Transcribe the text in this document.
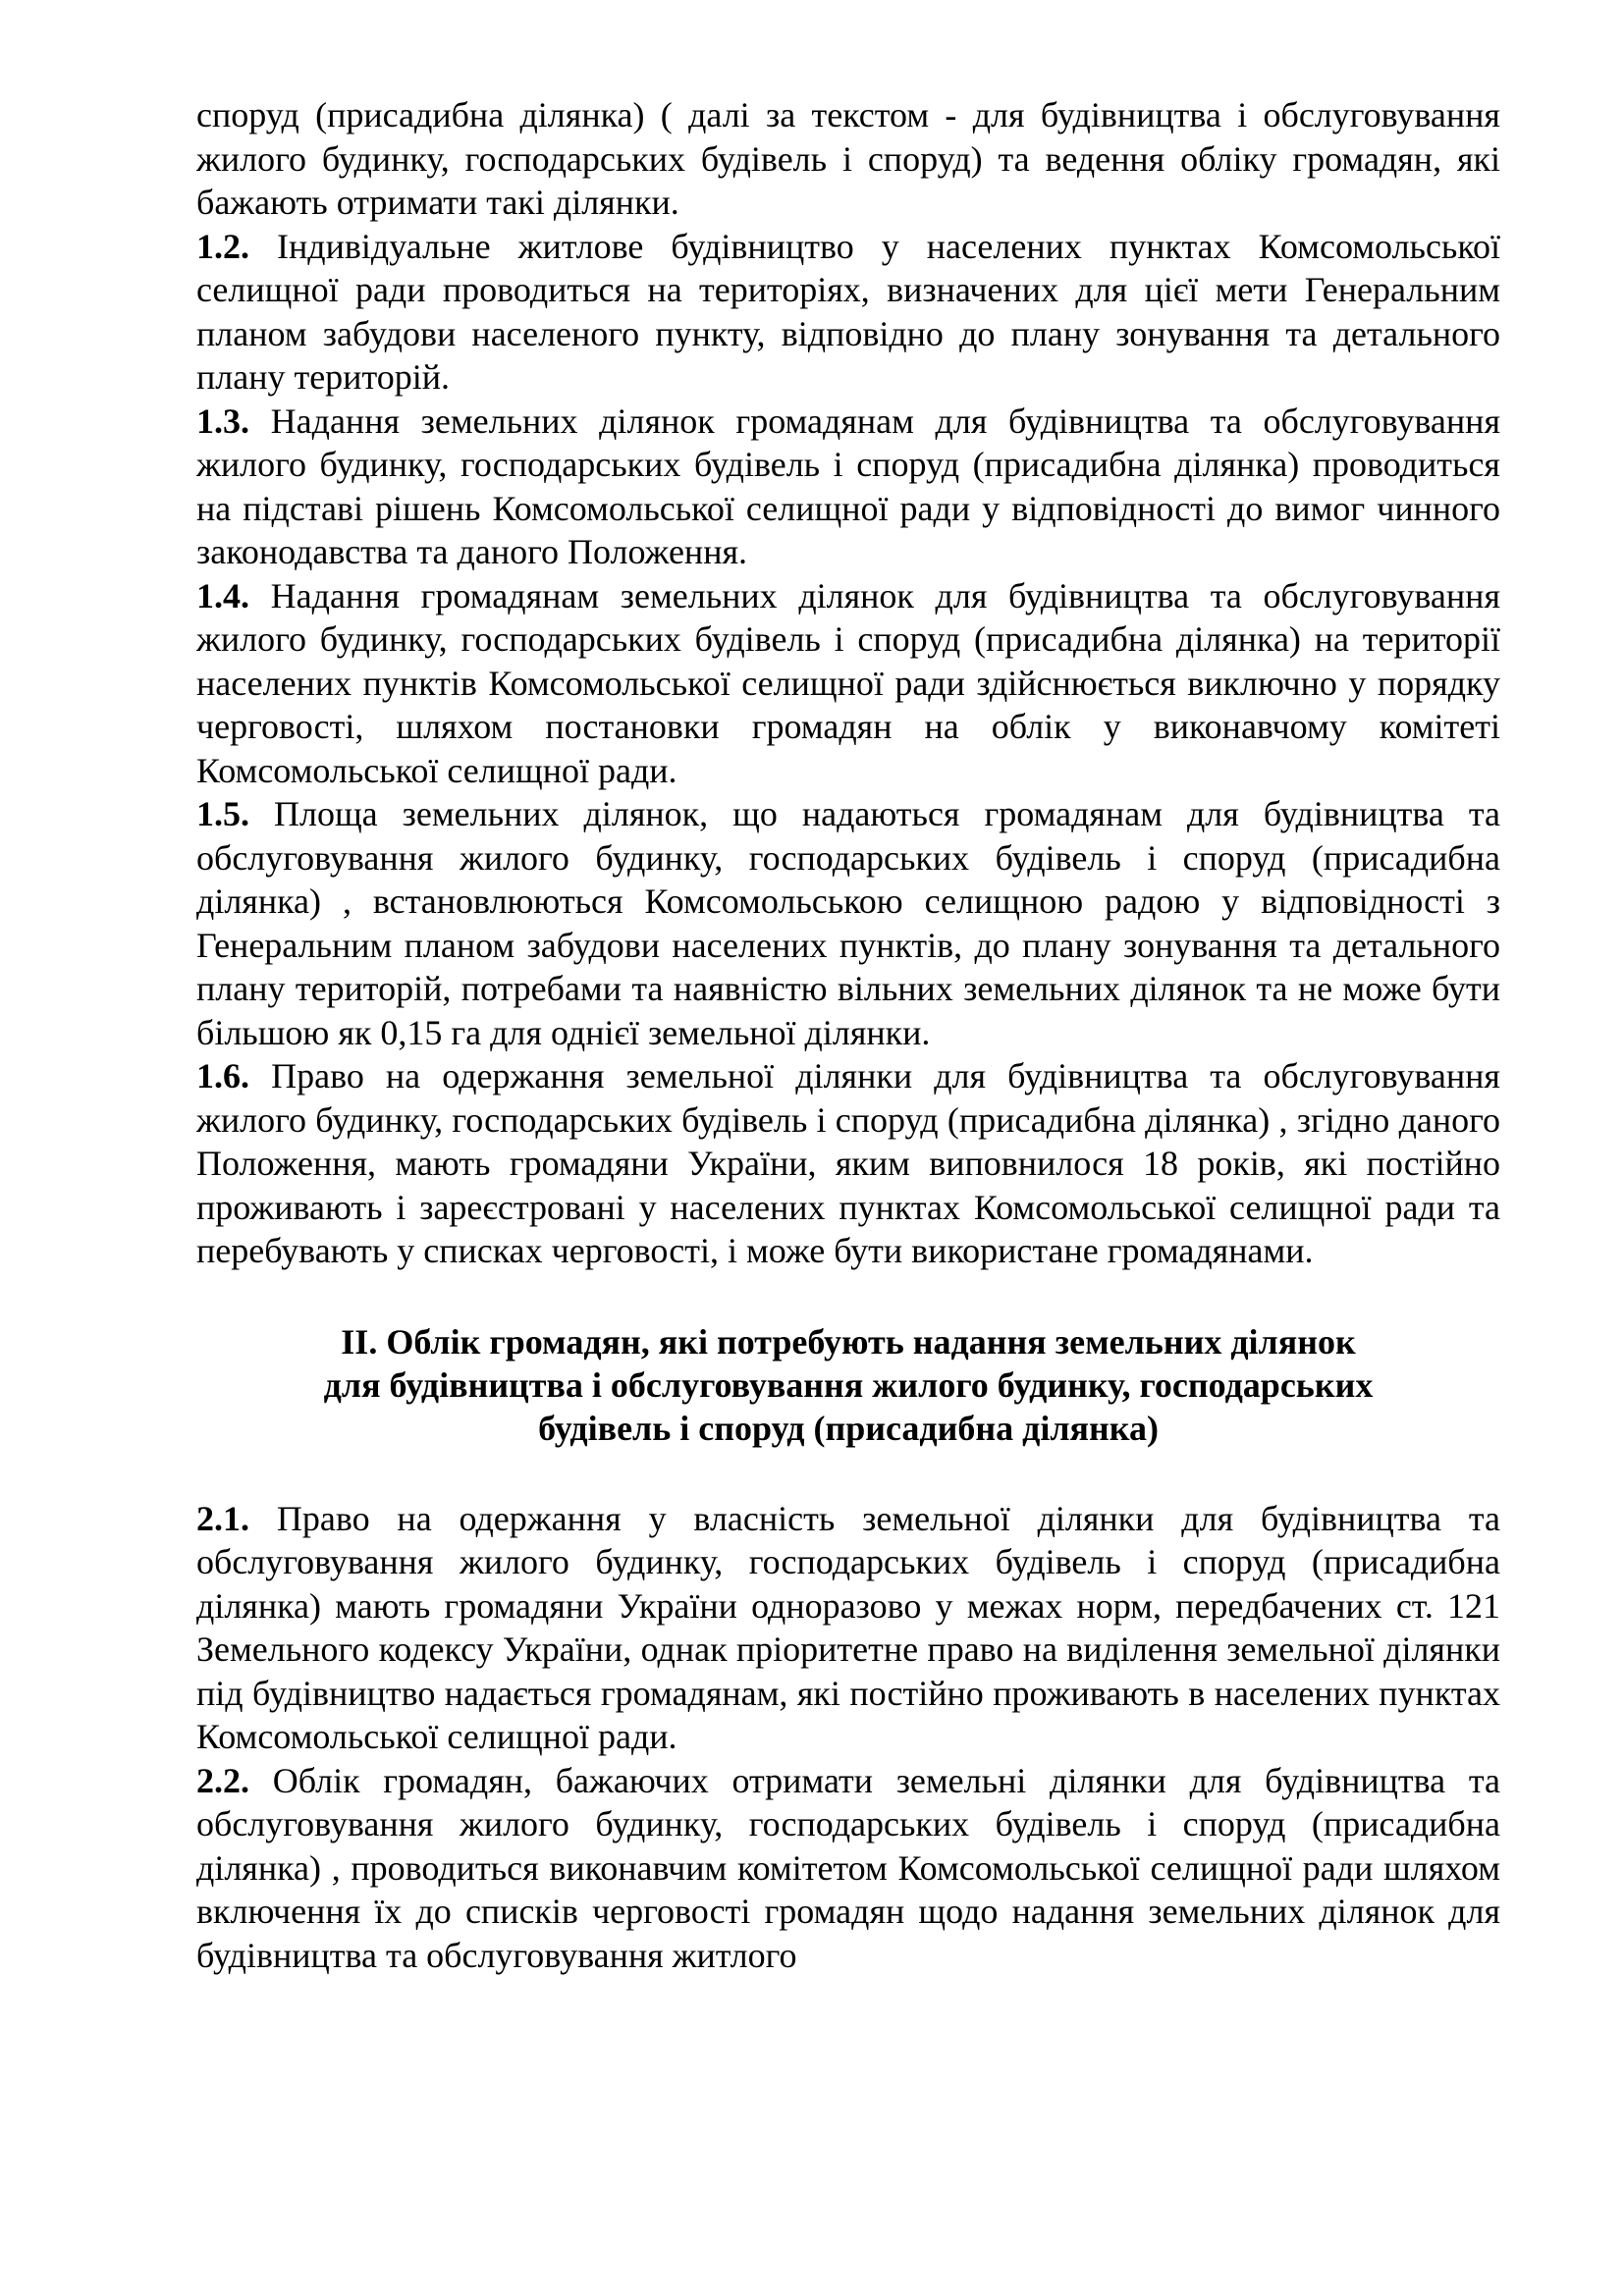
споруд (присадибна ділянка) ( далі за текстом - для будівництва і обслуговування жилого будинку, господарських будівель і споруд) та ведення обліку громадян, які бажають отримати такі ділянки.

1.2. Індивідуальне житлове будівництво у населених пунктах Комсомольської селищної ради проводиться на територіях, визначених для цієї мети Генеральним планом забудови населеного пункту, відповідно до плану зонування та детального плану територій.

1.3. Надання земельних ділянок громадянам для будівництва та обслуговування жилого будинку, господарських будівель і споруд (присадибна ділянка) проводиться на підставі рішень Комсомольської селищної ради у відповідності до вимог чинного законодавства та даного Положення.

1.4. Надання громадянам земельних ділянок для будівництва та обслуговування жилого будинку, господарських будівель і споруд (присадибна ділянка) на території населених пунктів Комсомольської селищної ради здійснюється виключно у порядку черговості, шляхом постановки громадян на облік у виконавчому комітеті Комсомольської селищної ради.

1.5. Площа земельних ділянок, що надаються громадянам для будівництва та обслуговування жилого будинку, господарських будівель і споруд (присадибна ділянка) , встановлюються Комсомольською селищною радою у відповідності з Генеральним планом забудови населених пунктів, до плану зонування та детального плану територій, потребами та наявністю вільних земельних ділянок та не може бути більшою як 0,15 га для однієї земельної ділянки.

1.6. Право на одержання земельної ділянки для будівництва та обслуговування жилого будинку, господарських будівель і споруд (присадибна ділянка) , згідно даного Положення, мають громадяни України, яким виповнилося 18 років, які постійно проживають і зареєстровані у населених пунктах Комсомольської селищної ради та перебувають у списках черговості, і може бути використане громадянами.

ІІ. Облік громадян, які потребують надання земельних ділянок
для будівництва і обслуговування жилого будинку, господарських
будівель і споруд (присадибна ділянка)

2.1. Право на одержання у власність земельної ділянки для будівництва та обслуговування жилого будинку, господарських будівель і споруд (присадибна ділянка) мають громадяни України одноразово у межах норм, передбачених ст. 121 Земельного кодексу України, однак пріоритетне право на виділення земельної ділянки під будівництво надається громадянам, які постійно проживають в населених пунктах Комсомольської селищної ради.

2.2. Облік громадян, бажаючих отримати земельні ділянки для будівництва та обслуговування жилого будинку, господарських будівель і споруд (присадибна ділянка) , проводиться виконавчим комітетом Комсомольської селищної ради шляхом включення їх до списків черговості громадян щодо надання земельних ділянок для будівництва та обслуговування житлого
